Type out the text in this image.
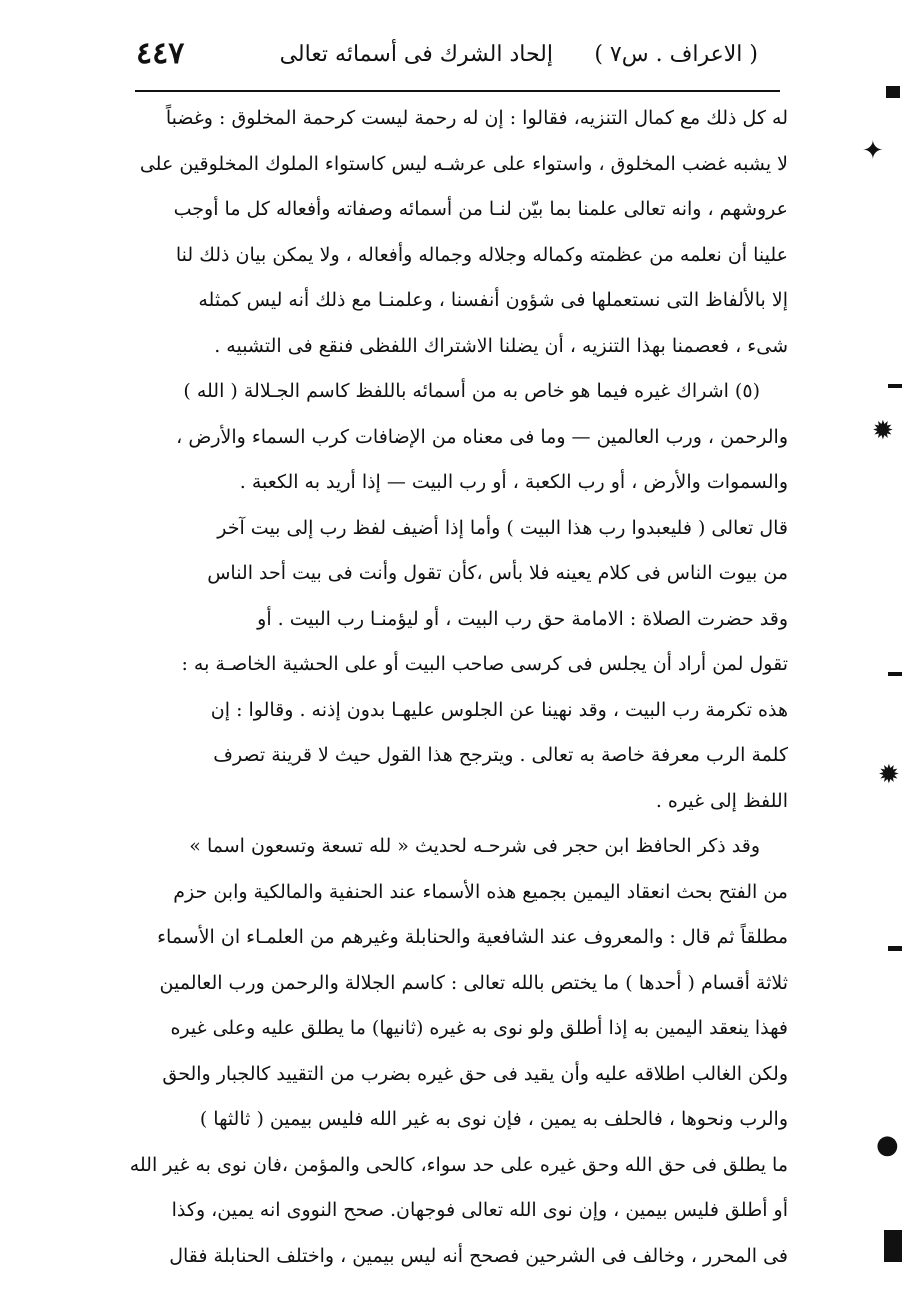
( الاعراف . س٧ )
إلحاد الشرك فى أسمائه تعالى
٤٤٧
له كل ذلك مع كمال التنزيه، فقالوا : إن له رحمة ليست كرحمة المخلوق : وغضباً
لا يشبه غضب المخلوق ، واستواء على عرشـه ليس كاستواء الملوك المخلوقين على
عروشهم ، وانه تعالى علمنا بما بيّن لنـا من أسمائه وصفاته وأفعاله كل ما أوجب
علينا أن نعلمه من عظمته وكماله وجلاله وجماله وأفعاله ، ولا يمكن بيان ذلك لنا
إلا بالألفاظ التى نستعملها فى شؤون أنفسنا ، وعلمنـا مع ذلك أنه ليس كمثله
شىء ، فعصمنا بهذا التنزيه ، أن يضلنا الاشتراك اللفظى فنقع فى التشبيه .
(٥) اشراك غيره فيما هو خاص به من أسمائه باللفظ كاسم الجـلالة ( الله )
والرحمن ، ورب العالمين — وما فى معناه من الإضافات كرب السماء والأرض ،
والسموات والأرض ، أو رب الكعبة ، أو رب البيت — إذا أريد به الكعبة .
قال تعالى ( فليعبدوا رب هذا البيت ) وأما إذا أضيف لفظ رب إلى بيت آخر
من بيوت الناس فى كلام يعينه فلا بأس ،كأن تقول وأنت فى بيت أحد الناس
وقد حضرت الصلاة : الامامة حق رب البيت ، أو ليؤمنـا رب البيت . أو
تقول لمن أراد أن يجلس فى كرسى صاحب البيت أو على الحشية الخاصـة به :
هذه تكرمة رب البيت ، وقد نهينا عن الجلوس عليهـا بدون إذنه . وقالوا : إن
كلمة الرب معرفة خاصة به تعالى . ويترجح هذا القول حيث لا قرينة تصرف
اللفظ إلى غيره .
وقد ذكر الحافظ ابن حجر فى شرحـه لحديث « لله تسعة وتسعون اسما »
من الفتح بحث انعقاد اليمين بجميع هذه الأسماء عند الحنفية والمالكية وابن حزم
مطلقاً ثم قال : والمعروف عند الشافعية والحنابلة وغيرهم من العلمـاء ان الأسماء
ثلاثة أقسام ( أحدها ) ما يختص بالله تعالى : كاسم الجلالة والرحمن ورب العالمين
فهذا ينعقد اليمين به إذا أطلق ولو نوى به غيره (ثانيها) ما يطلق عليه وعلى غيره
ولكن الغالب اطلاقه عليه وأن يقيد فى حق غيره بضرب من التقييد كالجبار والحق
والرب ونحوها ، فالحلف به يمين ، فإن نوى به غير الله فليس بيمين ( ثالثها )
ما يطلق فى حق الله وحق غيره على حد سواء، كالحى والمؤمن ،فان نوى به غير الله
أو أطلق فليس بيمين ، وإن نوى الله تعالى فوجهان. صحح النووى انه يمين، وكذا
فى المحرر ، وخالف فى الشرحين فصحح أنه ليس بيمين ، واختلف الحنابلة فقال
✦
✹
✹
●
